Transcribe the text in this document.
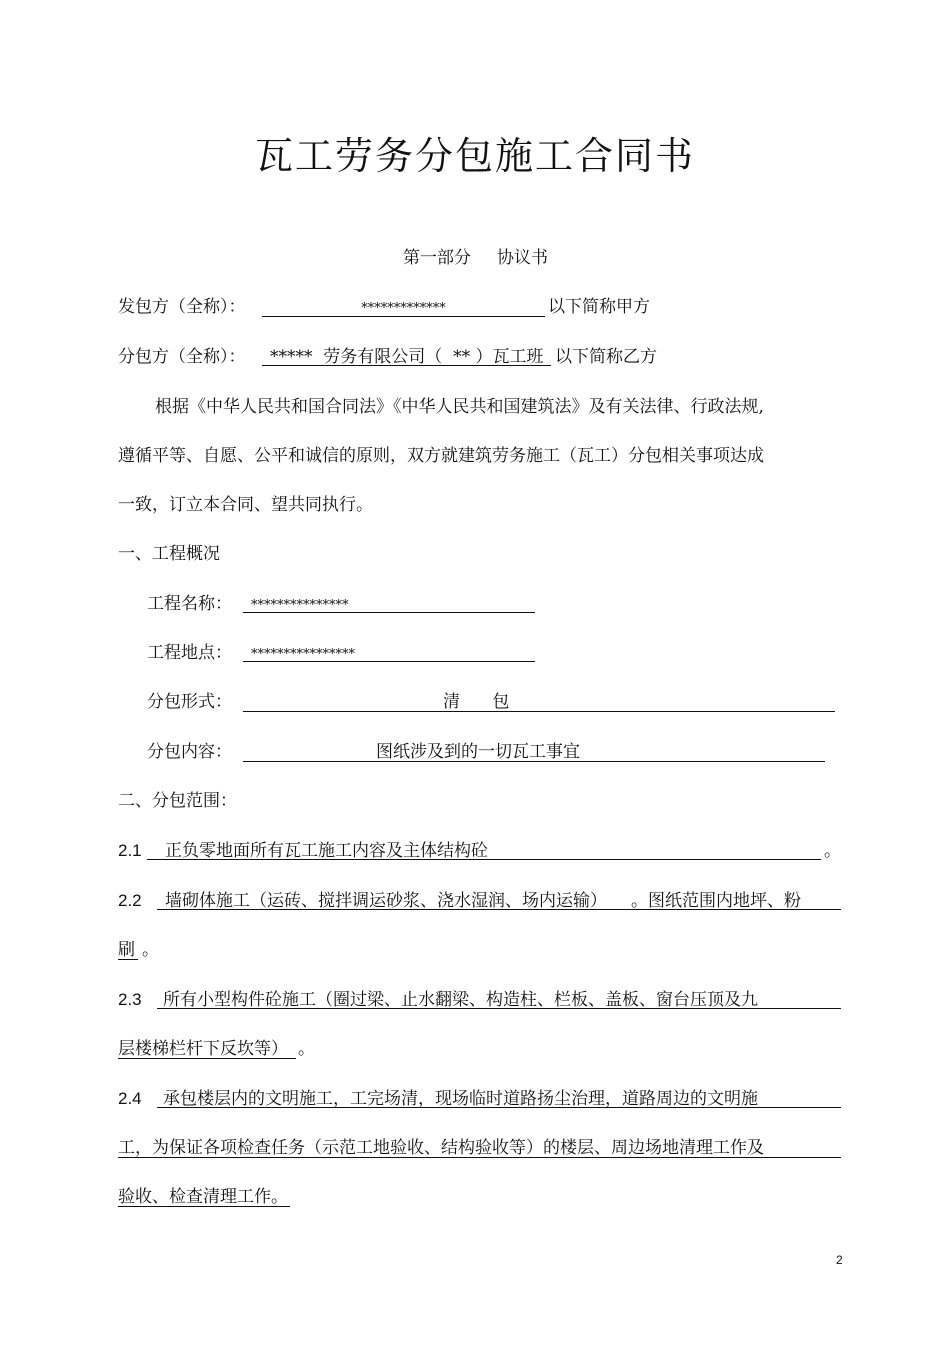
瓦工劳务分包施工合同书
第一部分 协议书
发包方（全称）：	*************	以下简称甲方
分包方（全称）：	*****  劳务有限公司（  ** ）瓦工班 以下简称乙方
根据《中华人民共和国合同法》《中华人民共和国建筑法》及有关法律、行政法规,
遵循平等、自愿、公平和诚信的原则，双方就建筑劳务施工（瓦工）分包相关事项达成
一致，订立本合同、望共同执行。
一、工程概况
工程名称：	***************
工程地点：	****************
分包形式：	清      包
分包内容：	图纸涉及到的一切瓦工事宜
二、分包范围：
2.1	正负零地面所有瓦工施工内容及主体结构砼	。
2.2	墙砌体施工（运砖、搅拌调运砂浆、浇水湿润、场内运输） 。图纸范围内地坪、粉
刷 。
2.3	所有小型构件砼施工（圈过梁、止水翻梁、构造柱、栏板、盖板、窗台压顶及九
层楼梯栏杆下反坎等） 。
2.4	承包楼层内的文明施工，工完场清，现场临时道路扬尘治理，道路周边的文明施
工，为保证各项检查任务（示范工地验收、结构验收等）的楼层、周边场地清理工作及
验收、检查清理工作。
2
